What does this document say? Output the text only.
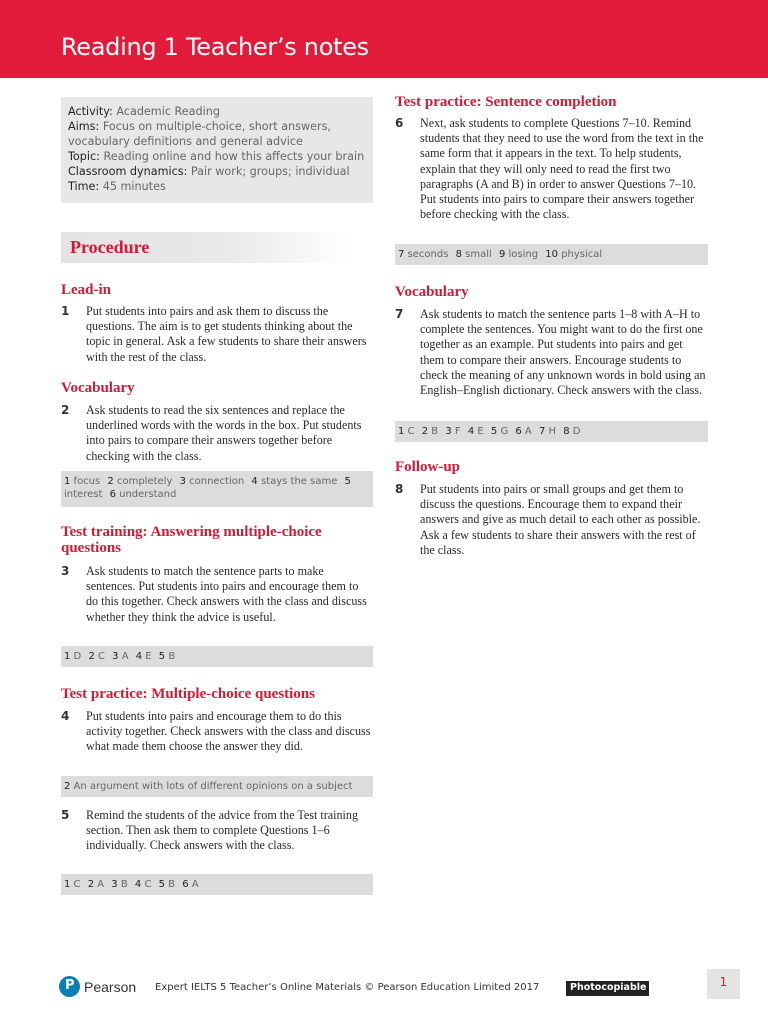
Reading 1 Teacher’s notes
Activity: Academic Reading
Aims: Focus on multiple-choice, short answers, vocabulary definitions and general advice
Topic: Reading online and how this affects your brain
Classroom dynamics: Pair work; groups; individual
Time: 45 minutes
Procedure
Lead-in
1 Put students into pairs and ask them to discuss the questions. The aim is to get students thinking about the topic in general. Ask a few students to share their answers with the rest of the class.
Vocabulary
2 Ask students to read the six sentences and replace the underlined words with the words in the box. Put students into pairs to compare their answers together before checking with the class.
1 focus 2 completely 3 connection 4 stays the same 5 interest 6 understand
Test training: Answering multiple-choice questions
3 Ask students to match the sentence parts to make sentences. Put students into pairs and encourage them to do this together. Check answers with the class and discuss whether they think the advice is useful.
1 D 2 C 3 A 4 E 5 B
Test practice: Multiple-choice questions
4 Put students into pairs and encourage them to do this activity together. Check answers with the class and discuss what made them choose the answer they did.
2 An argument with lots of different opinions on a subject
5 Remind the students of the advice from the Test training section. Then ask them to complete Questions 1–6 individually. Check answers with the class.
1 C 2 A 3 B 4 C 5 B 6 A
Test practice: Sentence completion
6 Next, ask students to complete Questions 7–10. Remind students that they need to use the word from the text in the same form that it appears in the text. To help students, explain that they will only need to read the first two paragraphs (A and B) in order to answer Questions 7–10. Put students into pairs to compare their answers together before checking with the class.
7 seconds 8 small 9 losing 10 physical
Vocabulary
7 Ask students to match the sentence parts 1–8 with A–H to complete the sentences. You might want to do the first one together as an example. Put students into pairs and get them to compare their answers. Encourage students to check the meaning of any unknown words in bold using an English–English dictionary. Check answers with the class.
1 C 2 B 3 F 4 E 5 G 6 A 7 H 8 D
Follow-up
8 Put students into pairs or small groups and get them to discuss the questions. Encourage them to expand their answers and give as much detail to each other as possible. Ask a few students to share their answers with the rest of the class.
P Pearson Expert IELTS 5 Teacher’s Online Materials © Pearson Education Limited 2017	Photocopiable	1
